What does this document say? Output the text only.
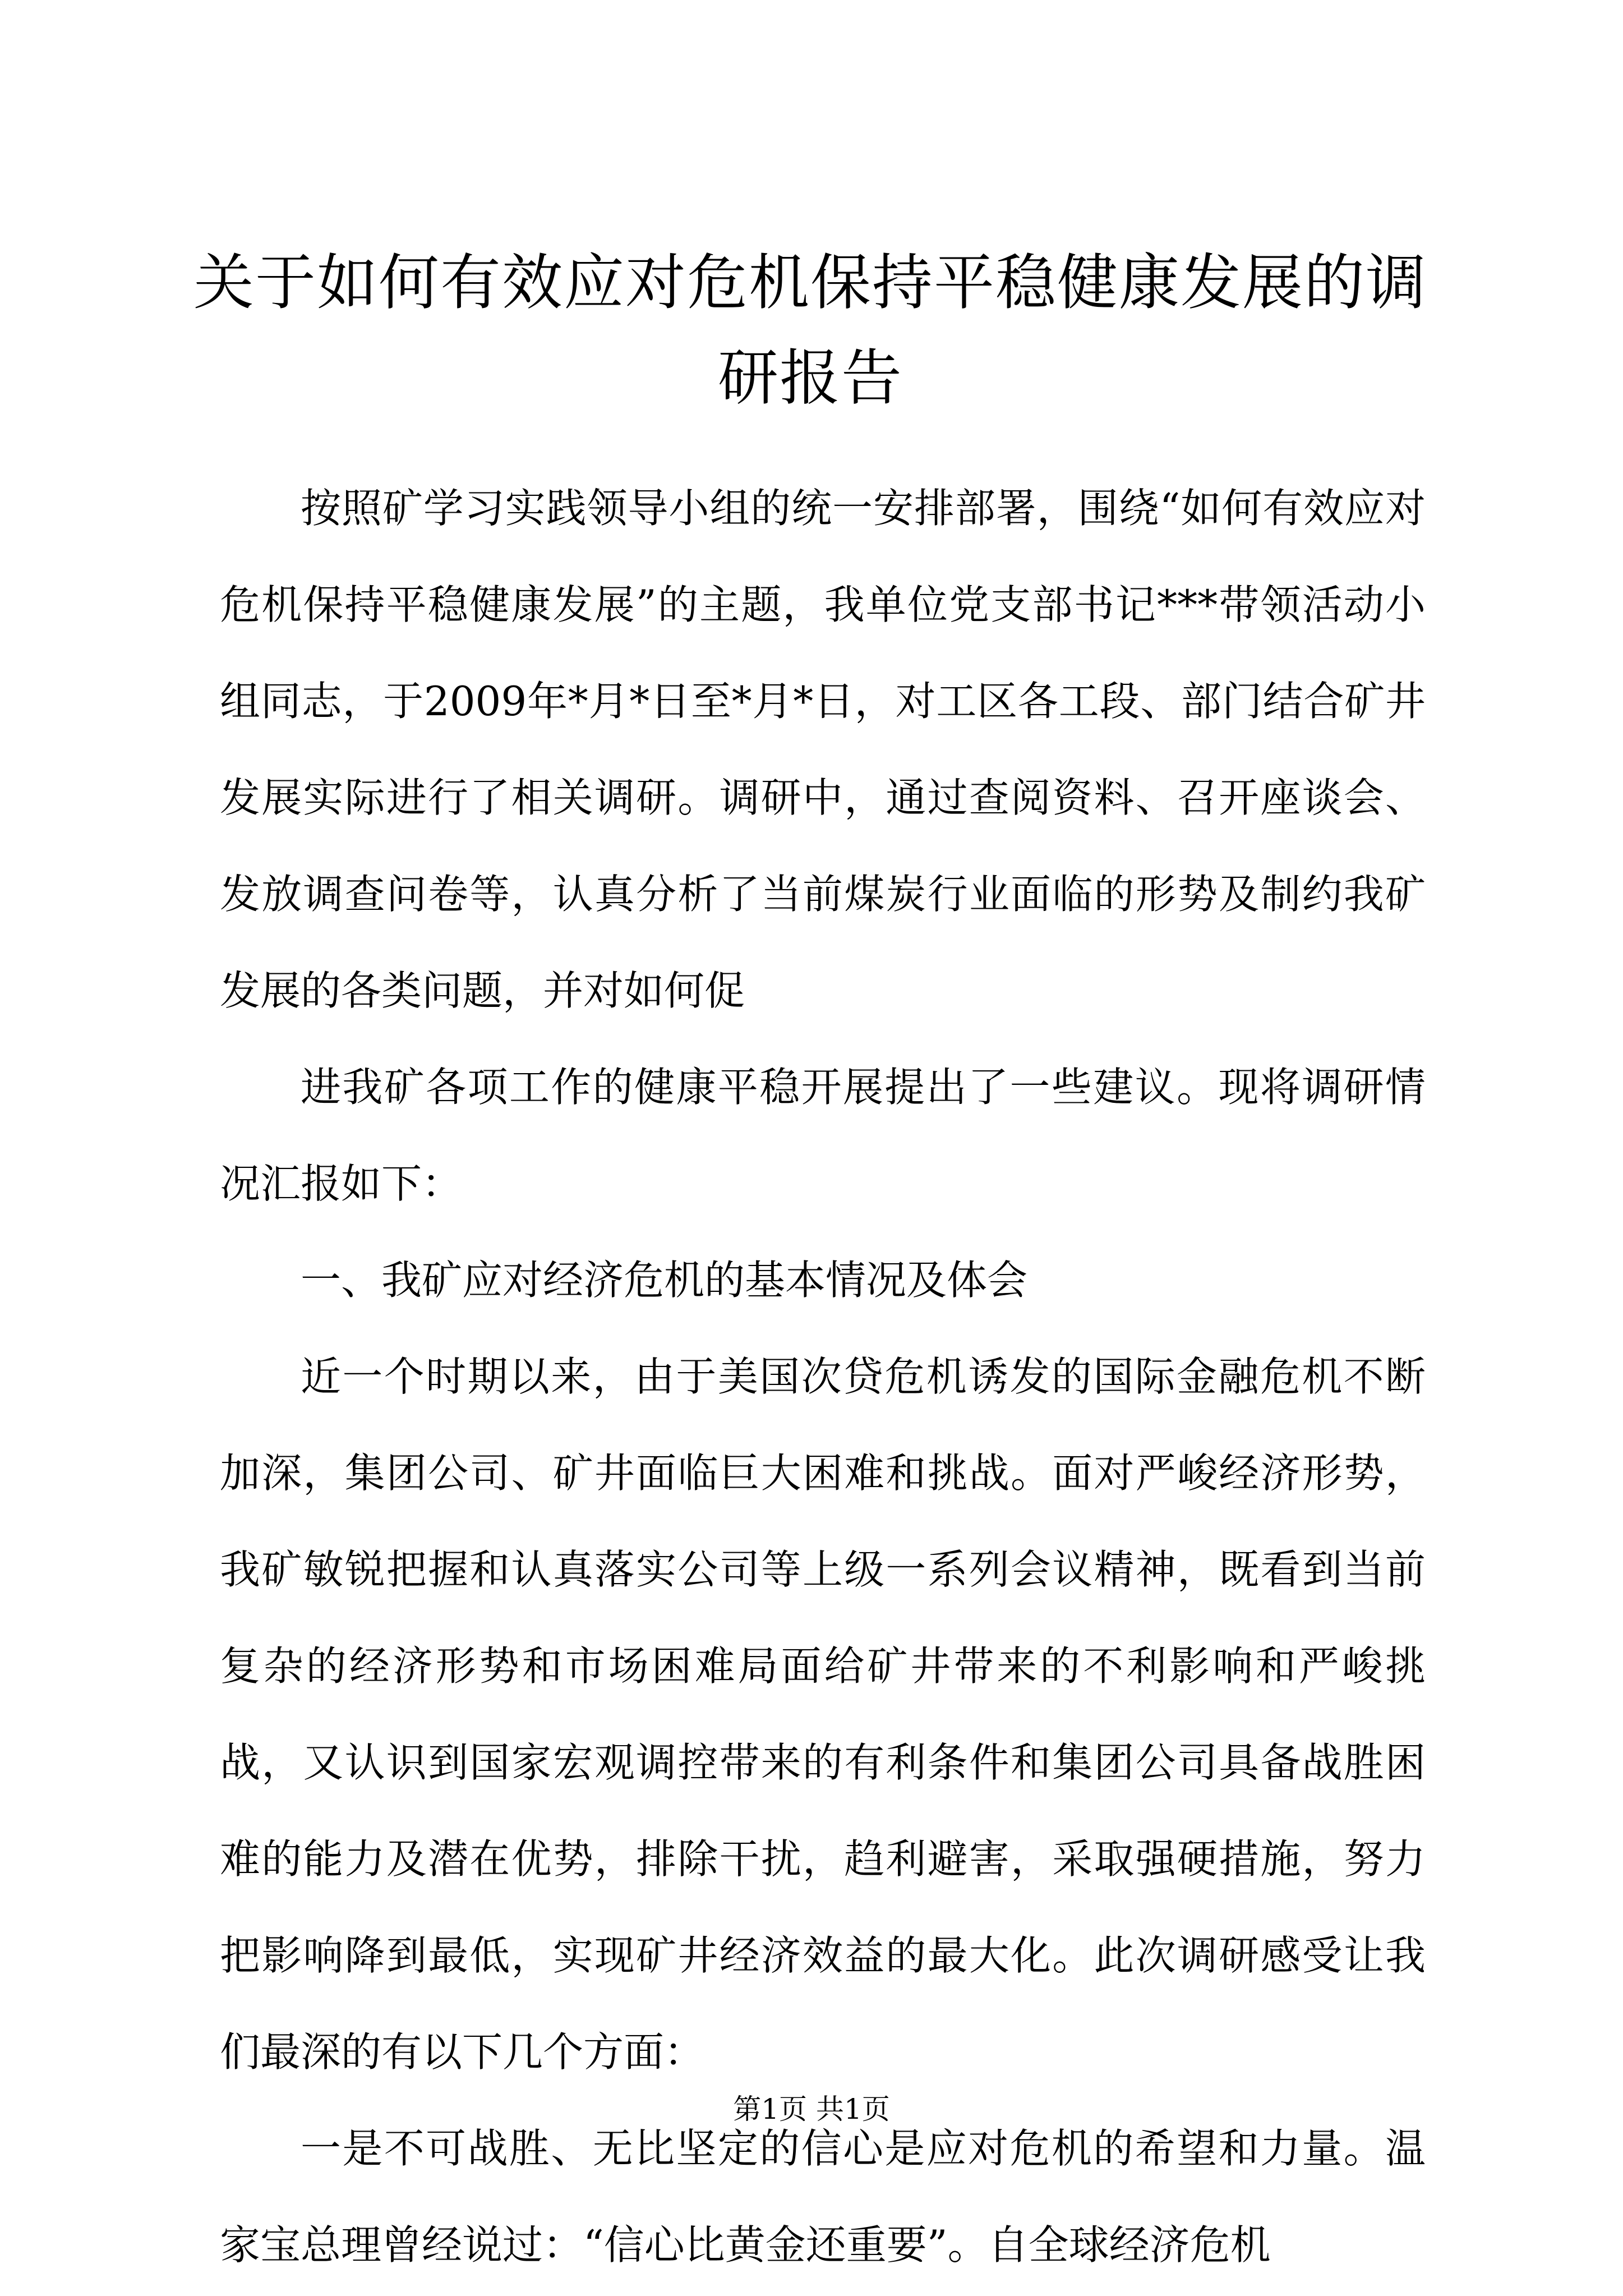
关于如何有效应对危机保持平稳健康发展的调研报告

按照矿学习实践领导小组的统一安排部署，围绕“如何有效应对危机保持平稳健康发展”的主题，我单位党支部书记***带领活动小组同志，于2009年*月*日至*月*日，对工区各工段、部门结合矿井发展实际进行了相关调研。调研中，通过查阅资料、召开座谈会、发放调查问卷等，认真分析了当前煤炭行业面临的形势及制约我矿发展的各类问题，并对如何促

进我矿各项工作的健康平稳开展提出了一些建议。现将调研情况汇报如下：

一、我矿应对经济危机的基本情况及体会

近一个时期以来，由于美国次贷危机诱发的国际金融危机不断加深，集团公司、矿井面临巨大困难和挑战。面对严峻经济形势，我矿敏锐把握和认真落实公司等上级一系列会议精神，既看到当前复杂的经济形势和市场困难局面给矿井带来的不利影响和严峻挑战，又认识到国家宏观调控带来的有利条件和集团公司具备战胜困难的能力及潜在优势，排除干扰，趋利避害，采取强硬措施，努力把影响降到最低，实现矿井经济效益的最大化。此次调研感受让我们最深的有以下几个方面：

一是不可战胜、无比坚定的信心是应对危机的希望和力量。温家宝总理曾经说过：“信心比黄金还重要”。自全球经济危机

第1页 共1页
